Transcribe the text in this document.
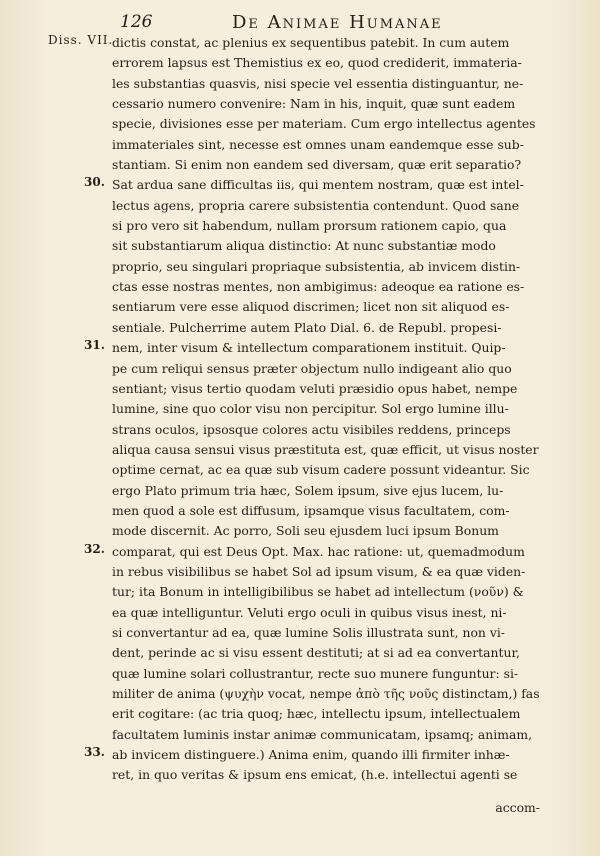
126	De Animae Humanae
Diss. VII.
30.
31.
32.
33.
dictis constat, ac plenius ex sequentibus patebit. In cum autem
errorem lapsus est Themistius ex eo, quod crediderit, immateria-
les substantias quasvis, nisi specie vel essentia distinguantur, ne-
cessario numero convenire: Nam in his, inquit, quæ sunt eadem
specie, divisiones esse per materiam. Cum ergo intellectus agentes
immateriales sint, necesse est omnes unam eandemque esse sub-
stantiam. Si enim non eandem sed diversam, quæ erit separatio?
Sat ardua sane difficultas iis, qui mentem nostram, quæ est intel-
lectus agens, propria carere subsistentia contendunt. Quod sane
si pro vero sit habendum, nullam prorsum rationem capio, qua
sit substantiarum aliqua distinctio: At nunc substantiæ modo
proprio, seu singulari propriaque subsistentia, ab invicem distin-
ctas esse nostras mentes, non ambigimus: adeoque ea ratione es-
sentiarum vere esse aliquod discrimen; licet non sit aliquod es-
sentiale. Pulcherrime autem Plato Dial. 6. de Republ. propesi-
nem, inter visum & intellectum comparationem instituit. Quip-
pe cum reliqui sensus præter objectum nullo indigeant alio quo
sentiant; visus tertio quodam veluti præsidio opus habet, nempe
lumine, sine quo color visu non percipitur. Sol ergo lumine illu-
strans oculos, ipsosque colores actu visibiles reddens, princeps
aliqua causa sensui visus præstituta est, quæ efficit, ut visus noster
optime cernat, ac ea quæ sub visum cadere possunt videantur. Sic
ergo Plato primum tria hæc, Solem ipsum, sive ejus lucem, lu-
men quod a sole est diffusum, ipsamque visus facultatem, com-
mode discernit. Ac porro, Soli seu ejusdem luci ipsum Bonum
comparat, qui est Deus Opt. Max. hac ratione: ut, quemadmodum
in rebus visibilibus se habet Sol ad ipsum visum, & ea quæ viden-
tur; ita Bonum in intelligibilibus se habet ad intellectum (νοῦν) &
ea quæ intelliguntur. Veluti ergo oculi in quibus visus inest, ni-
si convertantur ad ea, quæ lumine Solis illustrata sunt, non vi-
dent, perinde ac si visu essent destituti; at si ad ea convertantur,
quæ lumine solari collustrantur, recte suo munere funguntur: si-
militer de anima (ψυχὴν vocat, nempe ἀπὸ τῆς νοῦς distinctam,) fas
erit cogitare: (ac tria quoq; hæc, intellectu ipsum, intellectualem
facultatem luminis instar animæ communicatam, ipsamq; animam,
ab invicem distinguere.) Anima enim, quando illi firmiter inhæ-
ret, in quo veritas & ipsum ens emicat, (h.e. intellectui agenti se
accom-
